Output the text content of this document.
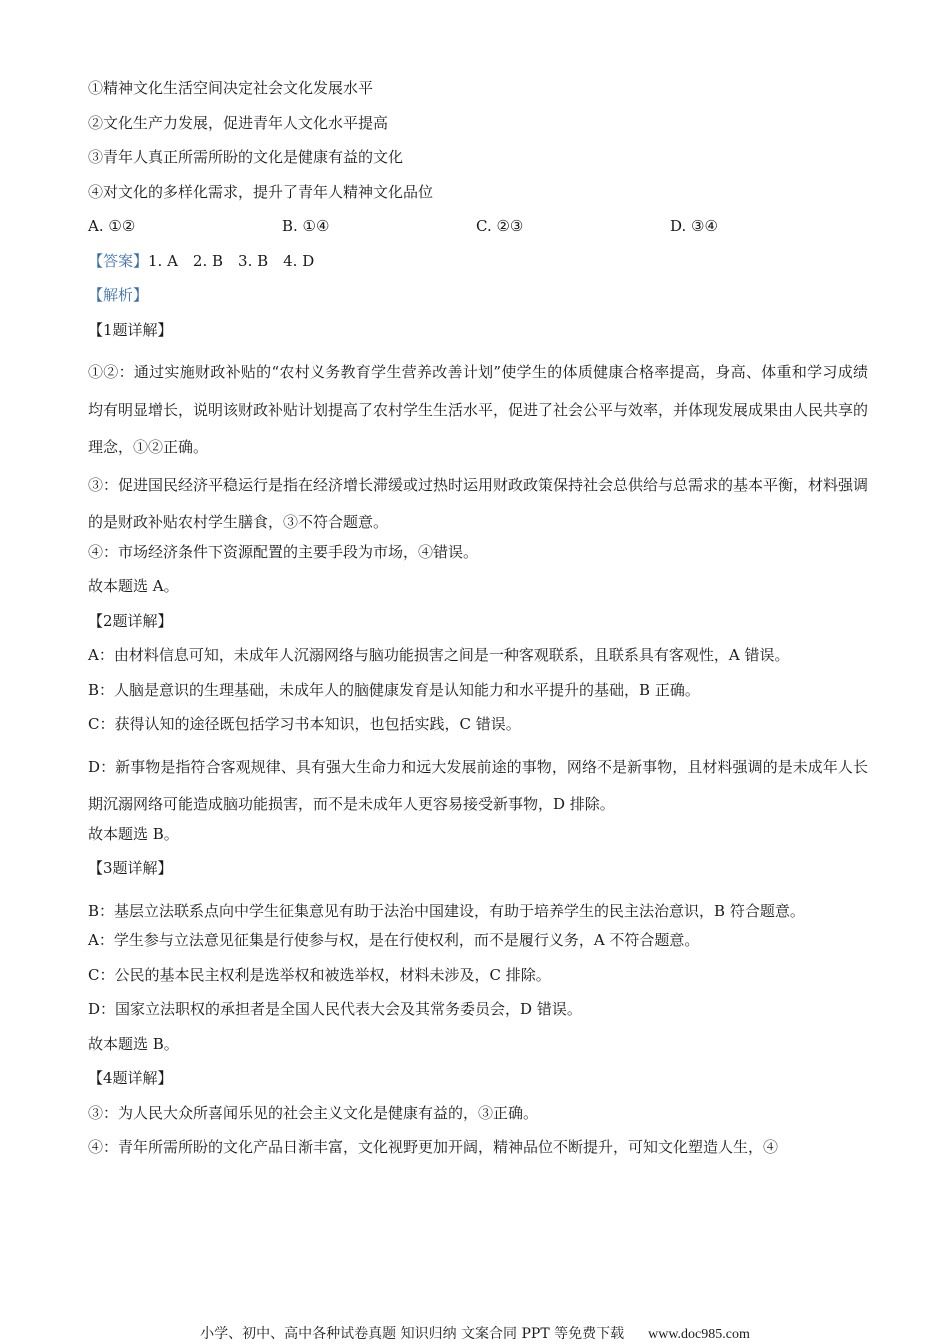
①精神文化生活空间决定社会文化发展水平

②文化生产力发展，促进青年人文化水平提高

③青年人真正所需所盼的文化是健康有益的文化

④对文化的多样化需求，提升了青年人精神文化品位

A. ①②	B. ①④	C. ②③	D. ③④

【答案】1. A　2. B　3. B　4. D

【解析】

【1题详解】

①②：通过实施财政补贴的“农村义务教育学生营养改善计划”使学生的体质健康合格率提高，身高、体重和学习成绩均有明显增长，说明该财政补贴计划提高了农村学生生活水平，促进了社会公平与效率，并体现发展成果由人民共享的理念，①②正确。

③：促进国民经济平稳运行是指在经济增长滞缓或过热时运用财政政策保持社会总供给与总需求的基本平衡，材料强调的是财政补贴农村学生膳食，③不符合题意。

④：市场经济条件下资源配置的主要手段为市场，④错误。

故本题选 A。

【2题详解】

A：由材料信息可知，未成年人沉溺网络与脑功能损害之间是一种客观联系，且联系具有客观性，A 错误。

B：人脑是意识的生理基础，未成年人的脑健康发育是认知能力和水平提升的基础，B 正确。

C：获得认知的途径既包括学习书本知识，也包括实践，C 错误。

D：新事物是指符合客观规律、具有强大生命力和远大发展前途的事物，网络不是新事物，且材料强调的是未成年人长期沉溺网络可能造成脑功能损害，而不是未成年人更容易接受新事物，D 排除。

故本题选 B。

【3题详解】

B：基层立法联系点向中学生征集意见有助于法治中国建设，有助于培养学生的民主法治意识，B 符合题意。

A：学生参与立法意见征集是行使参与权，是在行使权利，而不是履行义务，A 不符合题意。

C：公民的基本民主权利是选举权和被选举权，材料未涉及，C 排除。

D：国家立法职权的承担者是全国人民代表大会及其常务委员会，D 错误。

故本题选 B。

【4题详解】

③：为人民大众所喜闻乐见的社会主义文化是健康有益的，③正确。

④：青年所需所盼的文化产品日渐丰富，文化视野更加开阔，精神品位不断提升，可知文化塑造人生，④

小学、初中、高中各种试卷真题 知识归纳 文案合同 PPT 等免费下载 www.doc985.com
